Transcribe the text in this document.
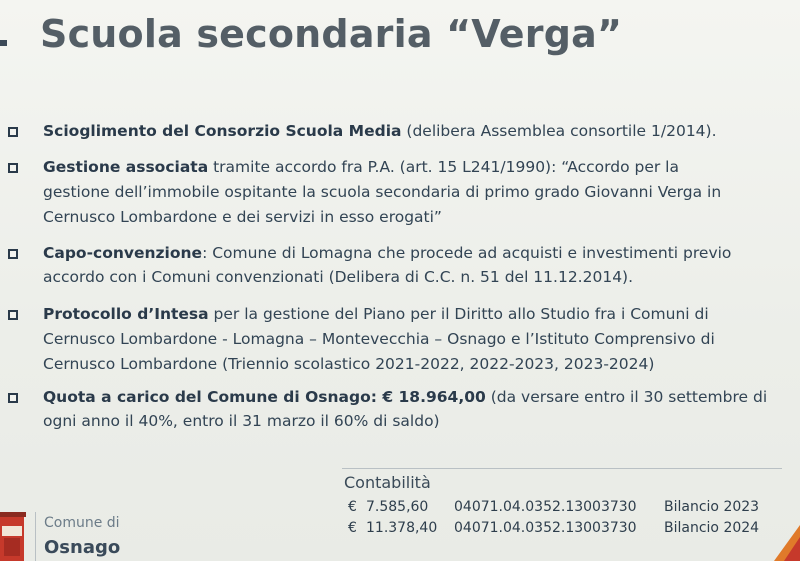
Scuola secondaria “Verga”
Scioglimento del Consorzio Scuola Media (delibera Assemblea consortile 1/2014).
Gestione associata tramite accordo fra P.A. (art. 15 L241/1990): “Accordo per la
gestione dell’immobile ospitante la scuola secondaria di primo grado Giovanni Verga in
Cernusco Lombardone e dei servizi in esso erogati”
Capo-convenzione: Comune di Lomagna che procede ad acquisti e investimenti previo
accordo con i Comuni convenzionati (Delibera di C.C. n. 51 del 11.12.2014).
Protocollo d’Intesa per la gestione del Piano per il Diritto allo Studio fra i Comuni di
Cernusco Lombardone - Lomagna – Montevecchia – Osnago e l’Istituto Comprensivo di
Cernusco Lombardone (Triennio scolastico 2021-2022, 2022-2023, 2023-2024)
Quota a carico del Comune di Osnago: € 18.964,00 (da versare entro il 30 settembre di
ogni anno il 40%, entro il 31 marzo il 60% di saldo)
Contabilità
€ 7.585,60 04071.04.0352.13003730 Bilancio 2023
€ 11.378,40 04071.04.0352.13003730 Bilancio 2024
Comune di
Osnago
